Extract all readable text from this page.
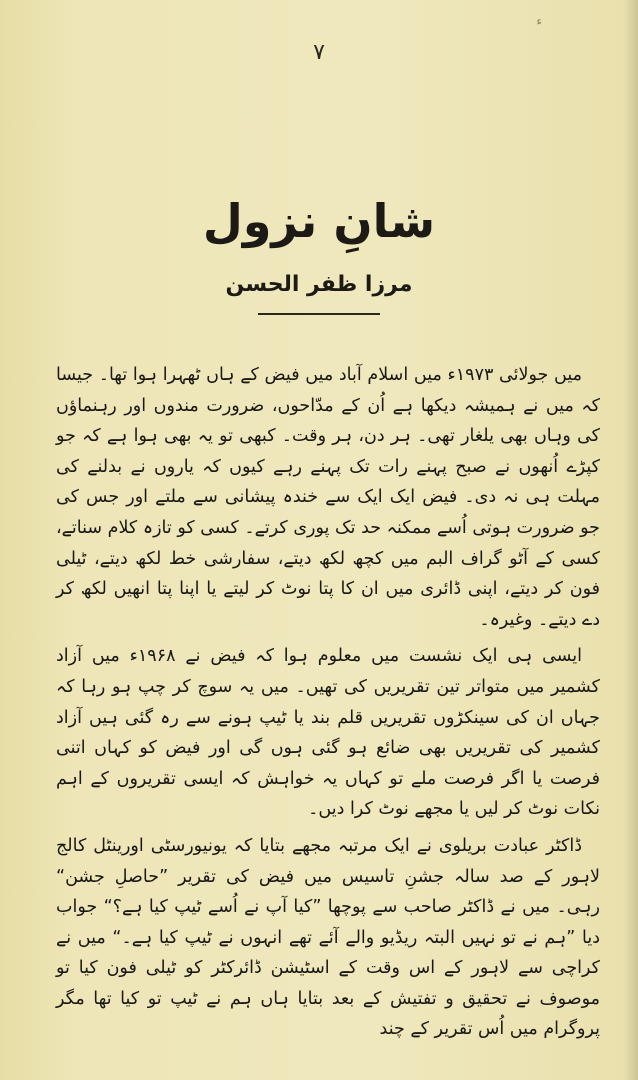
ء
۷
شانِ نزول
مرزا ظفر الحسن

میں جولائی ۱۹۷۳ء میں اسلام آباد میں فیض کے ہاں ٹھہرا ہوا تھا۔ جیسا کہ میں نے ہمیشہ دیکھا ہے اُن کے مدّاحوں، ضرورت مندوں اور رہنماؤں کی وہاں بھی یلغار تھی۔ ہر دن، ہر وقت۔ کبھی تو یہ بھی ہوا ہے کہ جو کپڑے اُنھوں نے صبح پہنے رات تک پہنے رہے کیوں کہ یاروں نے بدلنے کی مہلت ہی نہ دی۔ فیض ایک ایک سے خندہ پیشانی سے ملتے اور جس کی جو ضرورت ہوتی اُسے ممکنہ حد تک پوری کرتے۔ کسی کو تازہ کلام سناتے، کسی کے آٹو گراف البم میں کچھ لکھ دیتے، سفارشی خط لکھ دیتے، ٹیلی فون کر دیتے، اپنی ڈائری میں ان کا پتا نوٹ کر لیتے یا اپنا پتا انھیں لکھ کر دے دیتے۔ وغیرہ۔

ایسی ہی ایک نشست میں معلوم ہوا کہ فیض نے ۱۹۶۸ء میں آزاد کشمیر میں متواتر تین تقریریں کی تھیں۔ میں یہ سوچ کر چپ ہو رہا کہ جہاں ان کی سینکڑوں تقریریں قلم بند یا ٹیپ ہونے سے رہ گئی ہیں آزاد کشمیر کی تقریریں بھی ضائع ہو گئی ہوں گی اور فیض کو کہاں اتنی فرصت یا اگر فرصت ملے تو کہاں یہ خواہش کہ ایسی تقریروں کے اہم نکات نوٹ کر لیں یا مجھے نوٹ کرا دیں۔

ڈاکٹر عبادت بریلوی نے ایک مرتبہ مجھے بتایا کہ یونیورسٹی اورینٹل کالج لاہور کے صد سالہ جشنِ تاسیس میں فیض کی تقریر ”حاصلِ جشن“ رہی۔ میں نے ڈاکٹر صاحب سے پوچھا ”کیا آپ نے اُسے ٹیپ کیا ہے؟“ جواب دیا ”ہم نے تو نہیں البتہ ریڈیو والے آئے تھے انہوں نے ٹیپ کیا ہے۔“ میں نے کراچی سے لاہور کے اس وقت کے اسٹیشن ڈائرکٹر کو ٹیلی فون کیا تو موصوف نے تحقیق و تفتیش کے بعد بتایا ہاں ہم نے ٹیپ تو کیا تھا مگر پروگرام میں اُس تقریر کے چند
